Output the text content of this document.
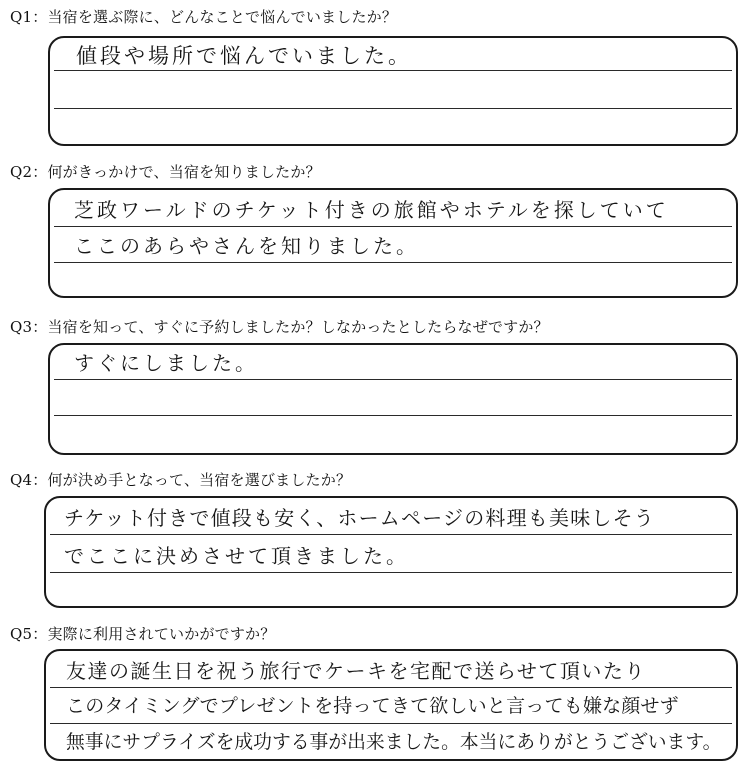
Q1：当宿を選ぶ際に、どんなことで悩んでいましたか？
値段や場所で悩んでいました。
Q2：何がきっかけで、当宿を知りましたか？
芝政ワールドのチケット付きの旅館やホテルを探していて
ここのあらやさんを知りました。
Q3：当宿を知って、すぐに予約しましたか？しなかったとしたらなぜですか？
すぐにしました。
Q4：何が決め手となって、当宿を選びましたか？
チケット付きで値段も安く、ホームページの料理も美味しそう
でここに決めさせて頂きました。
Q5：実際に利用されていかがですか？
友達の誕生日を祝う旅行でケーキを宅配で送らせて頂いたり
このタイミングでプレゼントを持ってきて欲しいと言っても嫌な顔せず
無事にサプライズを成功する事が出来ました。本当にありがとうございます。
